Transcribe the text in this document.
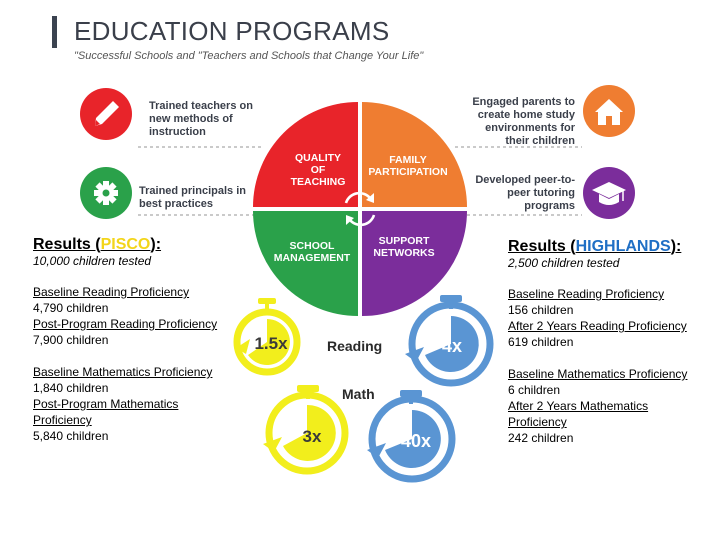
EDUCATION PROGRAMS
"Successful Schools and "Teachers and Schools that Change Your Life"
QUALITY
OF
TEACHING
FAMILY
PARTICIPATION
SCHOOL
MANAGEMENT
SUPPORT
NETWORKS
1.5x	4x
3x	40x
Reading
Math
Trained teachers on
new methods of
instruction
Trained principals in
best practices
Engaged parents to
create home study
environments for
their children
Developed peer-to-
peer tutoring
programs
Results (PISCO):
10,000 children tested
Baseline Reading Proficiency
4,790 children
Post-Program Reading Proficiency
7,900 children
Baseline Mathematics Proficiency
1,840 children
Post-Program Mathematics
Proficiency
5,840 children
Results (HIGHLANDS):
2,500 children tested
Baseline Reading Proficiency
156 children
After 2 Years Reading Proficiency
619 children
Baseline Mathematics Proficiency
6 children
After 2 Years Mathematics
Proficiency
242 children
